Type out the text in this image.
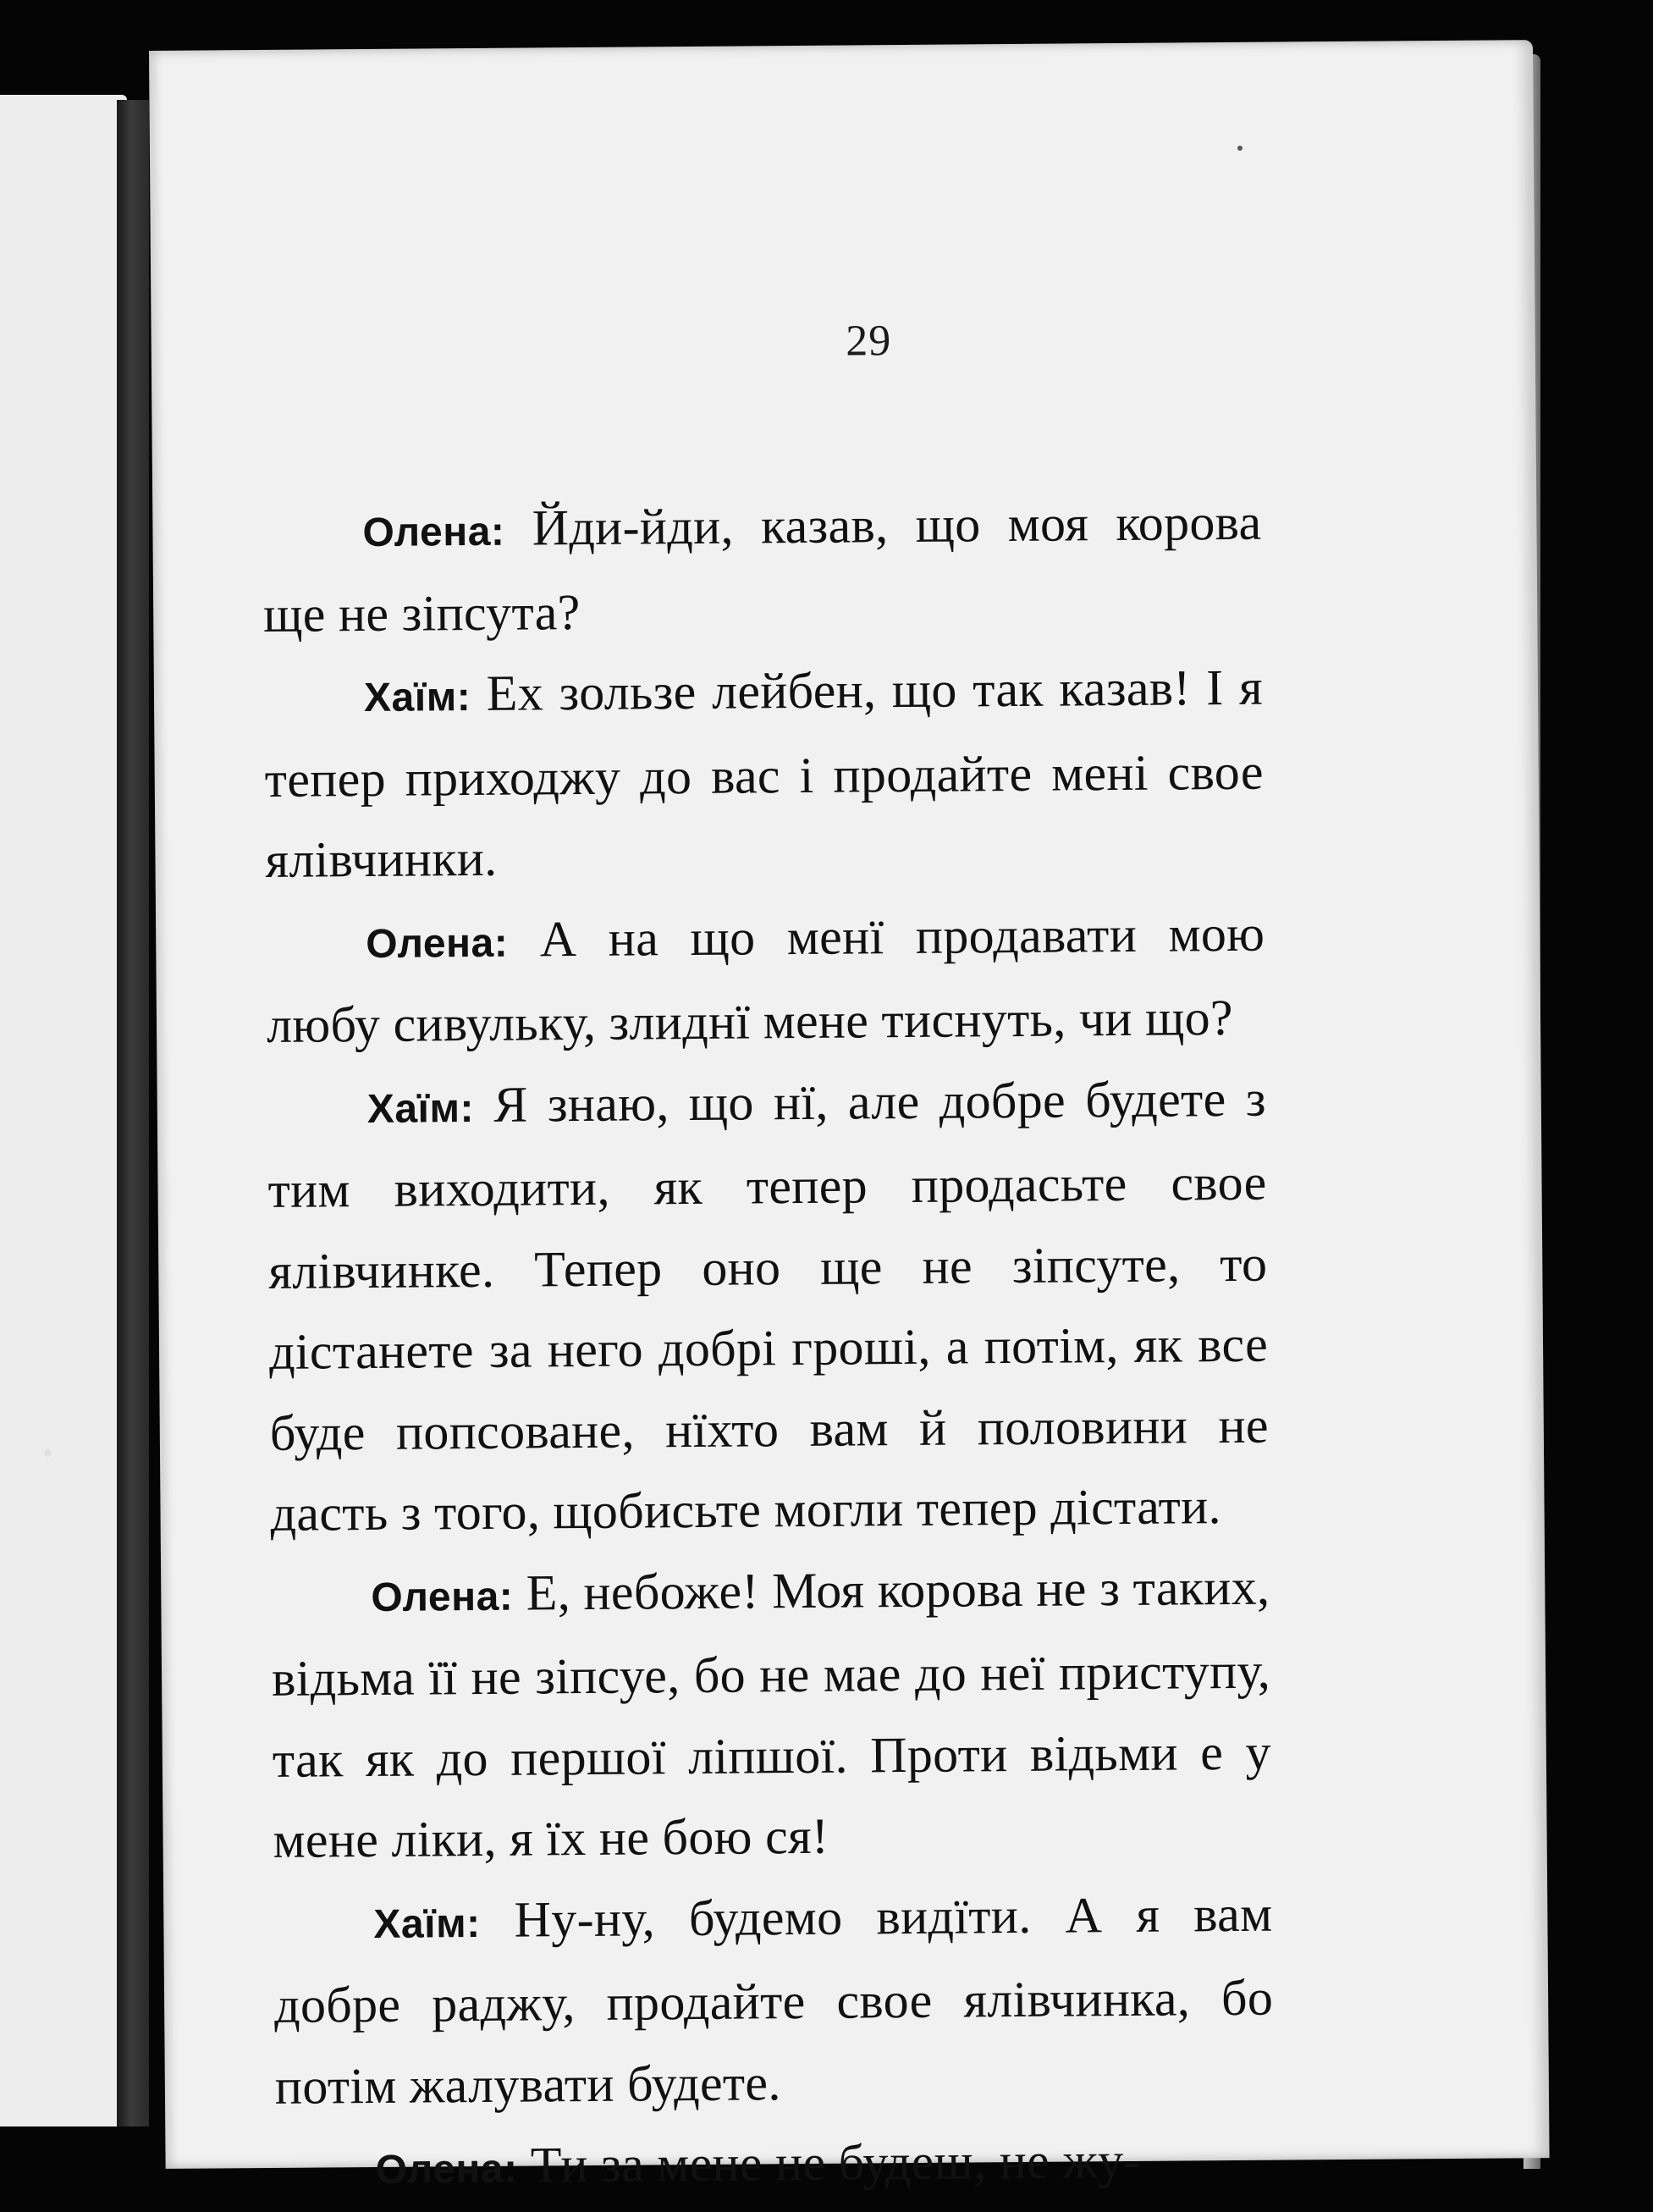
29

Олена: Йди-йди, казав, що моя корова ще не зіпсута?

Хаїм: Ех зользе лейбен, що так казав! І я тепер приходжу до вас і продайте мені свое ялівчинки.

Олена: А на що менї продавати мою любу сивульку, злиднї мене тиснуть, чи що?

Хаїм: Я знаю, що нї, але добре будете з тим виходити, як тепер продасьте свое ялівчинке. Тепер оно ще не зіпсуте, то дістанете за него добрі гроші, а потім, як все буде попсоване, нїхто вам й половини не дасть з того, щобисьте могли тепер дістати.

Олена: Е, небоже! Моя корова не з таких, відьма її не зіпсуе, бо не мае до неї приступу, так як до першої ліпшої. Проти відьми е у мене ліки, я їх не бою ся!

Хаїм: Ну-ну, будемо видїти. А я вам добре раджу, продайте свое ялівчинка, бо потім жалувати будете.

Олена: Ти за мене не будеш, не жу-
